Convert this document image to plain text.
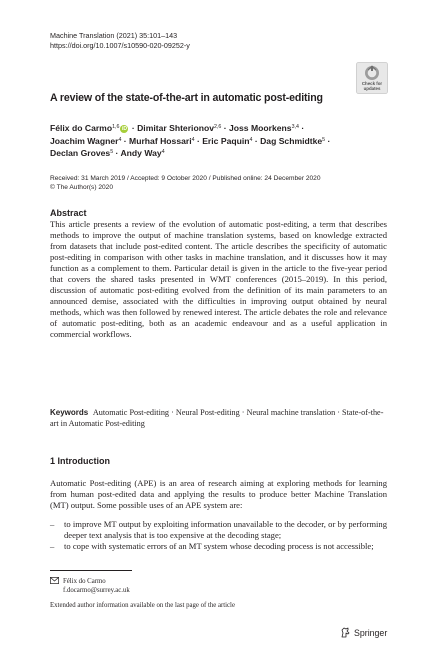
Machine Translation (2021) 35:101–143
https://doi.org/10.1007/s10590-020-09252-y
Check for updates
A review of the state-of-the-art in automatic post-editing
Félix do Carmo$^{1,6}$ iD · Dimitar Shterionov$^{2,6}$ · Joss Moorkens$^{3,4}$ ·
Joachim Wagner$^4$ · Murhaf Hossari$^4$ · Eric Paquin$^4$ · Dag Schmidtke$^5$ ·
Declan Groves$^5$ · Andy Way$^4$
Received: 31 March 2019 / Accepted: 9 October 2020 / Published online: 24 December 2020
© The Author(s) 2020
Abstract
This article presents a review of the evolution of automatic post-editing, a term that describes methods to improve the output of machine translation systems, based on knowledge extracted from datasets that include post-edited content. The article describes the specificity of automatic post-editing in comparison with other tasks in machine translation, and it discusses how it may function as a complement to them. Particular detail is given in the article to the five-year period that covers the shared tasks presented in WMT conferences (2015–2019). In this period, discussion of automatic post-editing evolved from the definition of its main parameters to an announced demise, associated with the difficulties in improving output obtained by neural methods, which was then followed by renewed interest. The article debates the role and relevance of automatic post-editing, both as an academic endeavour and as a useful application in commercial workflows.
Keywords Automatic Post-editing · Neural Post-editing · Neural machine translation · State-of-the-art in Automatic Post-editing
1 Introduction
Automatic Post-editing (APE) is an area of research aiming at exploring methods for learning from human post-edited data and applying the results to produce better Machine Translation (MT) output. Some possible uses of an APE system are:
– to improve MT output by exploiting information unavailable to the decoder, or by performing deeper text analysis that is too expensive at the decoding stage;
– to cope with systematic errors of an MT system whose decoding process is not accessible;
Félix do Carmo
f.docarmo@surrey.ac.uk
Extended author information available on the last page of the article
Springer
